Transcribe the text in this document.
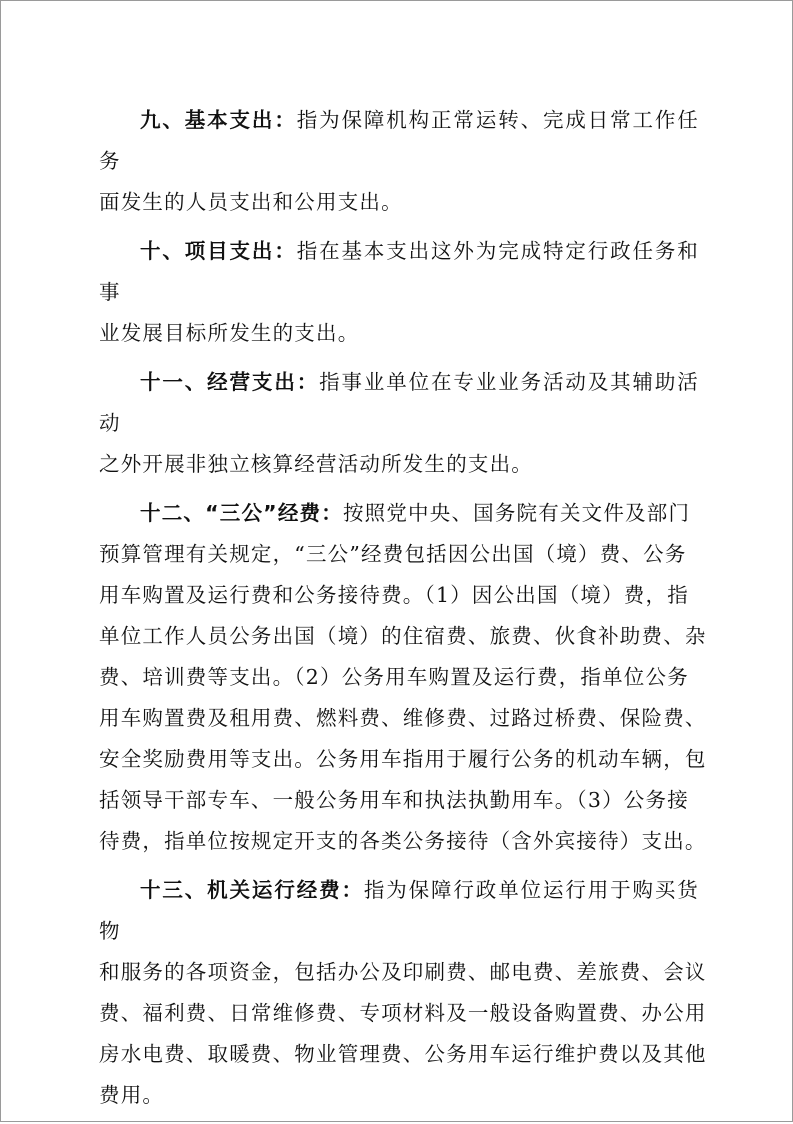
九、基本支出：指为保障机构正常运转、完成日常工作任务
面发生的人员支出和公用支出。

十、项目支出：指在基本支出这外为完成特定行政任务和事
业发展目标所发生的支出。

十一、经营支出：指事业单位在专业业务活动及其辅助活动
之外开展非独立核算经营活动所发生的支出。

十二、“三公”经费：按照党中央、国务院有关文件及部门
预算管理有关规定，“三公”经费包括因公出国（境）费、公务
用车购置及运行费和公务接待费。（1）因公出国（境）费，指
单位工作人员公务出国（境）的住宿费、旅费、伙食补助费、杂
费、培训费等支出。（2）公务用车购置及运行费，指单位公务
用车购置费及租用费、燃料费、维修费、过路过桥费、保险费、
安全奖励费用等支出。公务用车指用于履行公务的机动车辆，包
括领导干部专车、一般公务用车和执法执勤用车。（3）公务接
待费，指单位按规定开支的各类公务接待（含外宾接待）支出。

十三、机关运行经费：指为保障行政单位运行用于购买货物
和服务的各项资金，包括办公及印刷费、邮电费、差旅费、会议
费、福利费、日常维修费、专项材料及一般设备购置费、办公用
房水电费、取暖费、物业管理费、公务用车运行维护费以及其他
费用。
